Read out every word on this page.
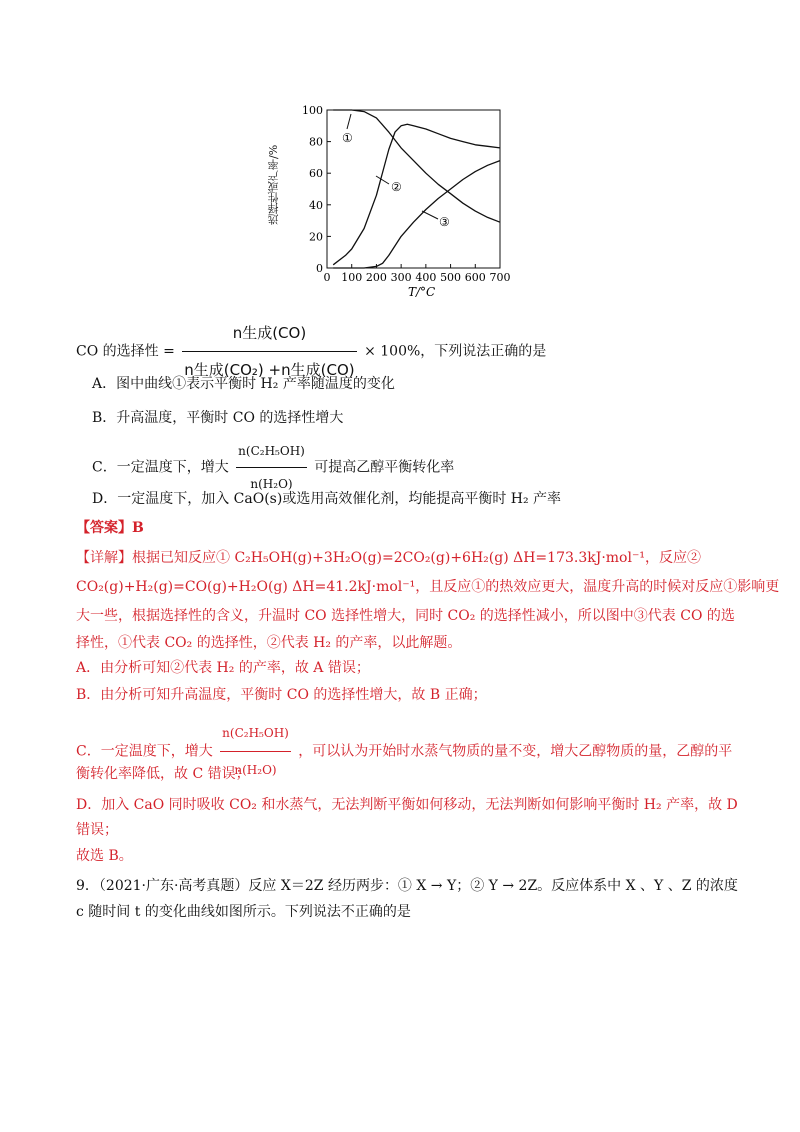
0 100 200 300 400 500 600 700
0
20
40
60
80
100
①
②
③
T/°C
选择性或产率/%
CO 的选择性 = $\frac{\text{n生成(CO)}}{\text{n生成(CO₂) +n生成(CO)}} \times 100\%$，下列说法正确的是
A．图中曲线①表示平衡时 H₂ 产率随温度的变化
B．升高温度，平衡时 CO 的选择性增大
C．一定温度下，增大 $\frac{\text{n(C₂H₅OH)}}{\text{n(H₂O)}}$ 可提高乙醇平衡转化率
D．一定温度下，加入 CaO(s)或选用高效催化剂，均能提高平衡时 H₂ 产率
【答案】B
【详解】根据已知反应① C₂H₅OH(g)+3H₂O(g)=2CO₂(g)+6H₂(g) ΔH=173.3kJ·mol⁻¹，反应②
CO₂(g)+H₂(g)=CO(g)+H₂O(g) ΔH=41.2kJ·mol⁻¹，且反应①的热效应更大，温度升高的时候对反应①影响更
大一些，根据选择性的含义，升温时 CO 选择性增大，同时 CO₂ 的选择性减小，所以图中③代表 CO 的选
择性，①代表 CO₂ 的选择性，②代表 H₂ 的产率，以此解题。
A．由分析可知②代表 H₂ 的产率，故 A 错误；
B．由分析可知升高温度，平衡时 CO 的选择性增大，故 B 正确；
C．一定温度下，增大 $\frac{\text{n(C₂H₅OH)}}{\text{n(H₂O)}}$ ，可以认为开始时水蒸气物质的量不变，增大乙醇物质的量，乙醇的平
衡转化率降低，故 C 错误；
D．加入 CaO 同时吸收 CO₂ 和水蒸气，无法判断平衡如何移动，无法判断如何影响平衡时 H₂ 产率，故 D
错误；
故选 B。
9．（2021·广东·高考真题）反应 X＝2Z 经历两步：① X → Y；② Y → 2Z。反应体系中 X 、Y 、Z 的浓度
c 随时间 t 的变化曲线如图所示。下列说法不正确的是
